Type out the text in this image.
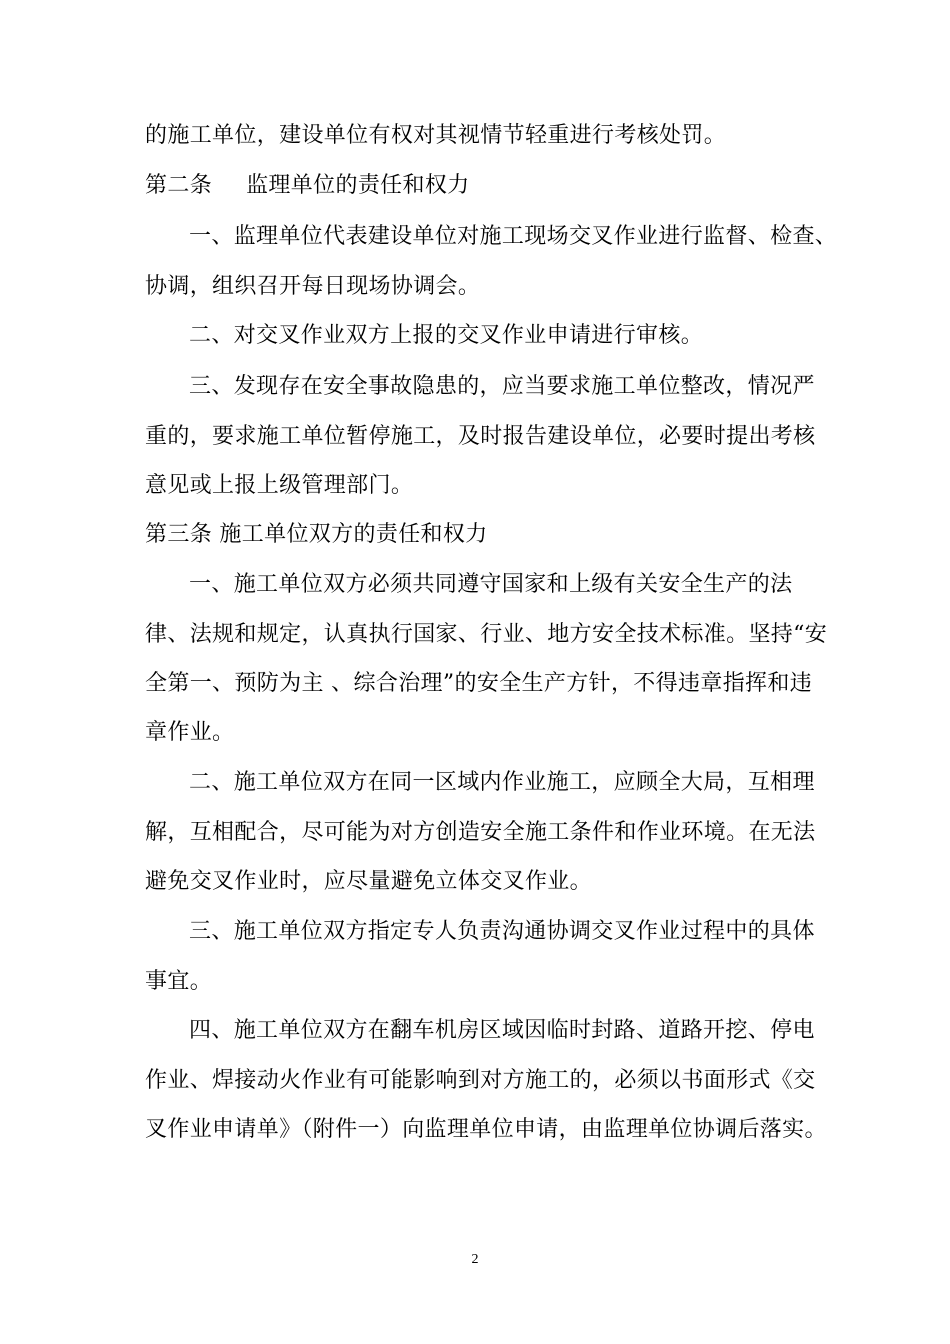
的施工单位，建设单位有权对其视情节轻重进行考核处罚。
第二条 监理单位的责任和权力
一、监理单位代表建设单位对施工现场交叉作业进行监督、检查、
协调，组织召开每日现场协调会。
二、对交叉作业双方上报的交叉作业申请进行审核。
三、发现存在安全事故隐患的，应当要求施工单位整改，情况严
重的，要求施工单位暂停施工，及时报告建设单位，必要时提出考核
意见或上报上级管理部门。
第三条 施工单位双方的责任和权力
一、施工单位双方必须共同遵守国家和上级有关安全生产的法
律、法规和规定，认真执行国家、行业、地方安全技术标准。坚持“安
全第一、预防为主 、综合治理”的安全生产方针，不得违章指挥和违
章作业。
二、施工单位双方在同一区域内作业施工，应顾全大局，互相理
解，互相配合，尽可能为对方创造安全施工条件和作业环境。在无法
避免交叉作业时，应尽量避免立体交叉作业。
三、施工单位双方指定专人负责沟通协调交叉作业过程中的具体
事宜。
四、施工单位双方在翻车机房区域因临时封路、道路开挖、停电
作业、焊接动火作业有可能影响到对方施工的，必须以书面形式《交
叉作业申请单》（附件一）向监理单位申请，由监理单位协调后落实。
2
